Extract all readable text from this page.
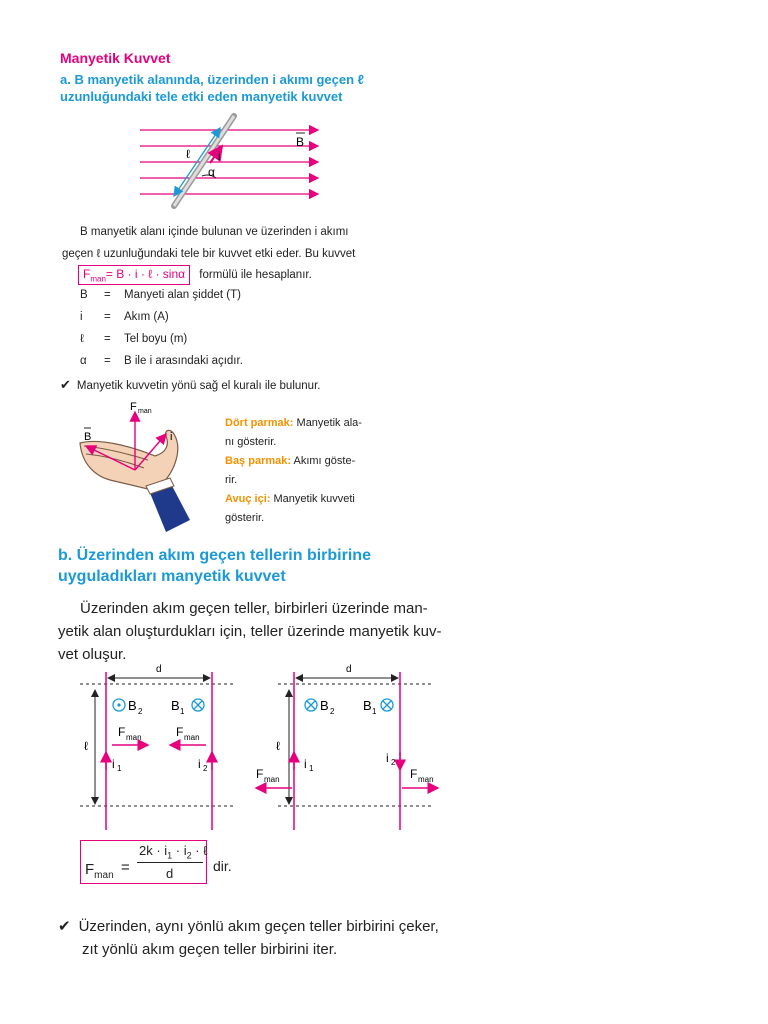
Manyetik Kuvvet
a. B manyetik alanında, üzerinden i akımı geçen ℓ
uzunluğundaki tele etki eden manyetik kuvvet
ℓ i
α
B
B manyetik alanı içinde bulunan ve üzerinden i akımı
geçen ℓ uzunluğundaki tele bir kuvvet etki eder. Bu kuvvet
$F_{man}= B \cdot i$ · ℓ · sinα formülü ile hesaplanır.
B = Manyeti alan şiddet (T)
i = Akım (A)
ℓ = Tel boyu (m)
α = B ile i arasındaki açıdır.
✔ Manyetik kuvvetin yönü sağ el kuralı ile bulunur.
F man
B	i
Dört parmak: Manyetik ala-
nı gösterir.
Baş parmak: Akımı göste-
rir.
Avuç içi: Manyetik kuvveti
gösterir.
b. Üzerinden akım geçen tellerin birbirine
uyguladıkları manyetik kuvvet
Üzerinden akım geçen teller, birbirleri üzerinde man-
yetik alan oluşturdukları için, teller üzerinde manyetik kuv-
vet oluşur.
d
ℓ
B 2 B 1
F man	F man
i 1	i 2
d
ℓ
B 2 B 1
i 1
i 2
F man	F man
$F_{man}$ =
$2k \cdot i_1 \cdot i_2$ · ℓ
d	dir.
✔ Üzerinden, aynı yönlü akım geçen teller birbirini çeker,
zıt yönlü akım geçen teller birbirini iter.
